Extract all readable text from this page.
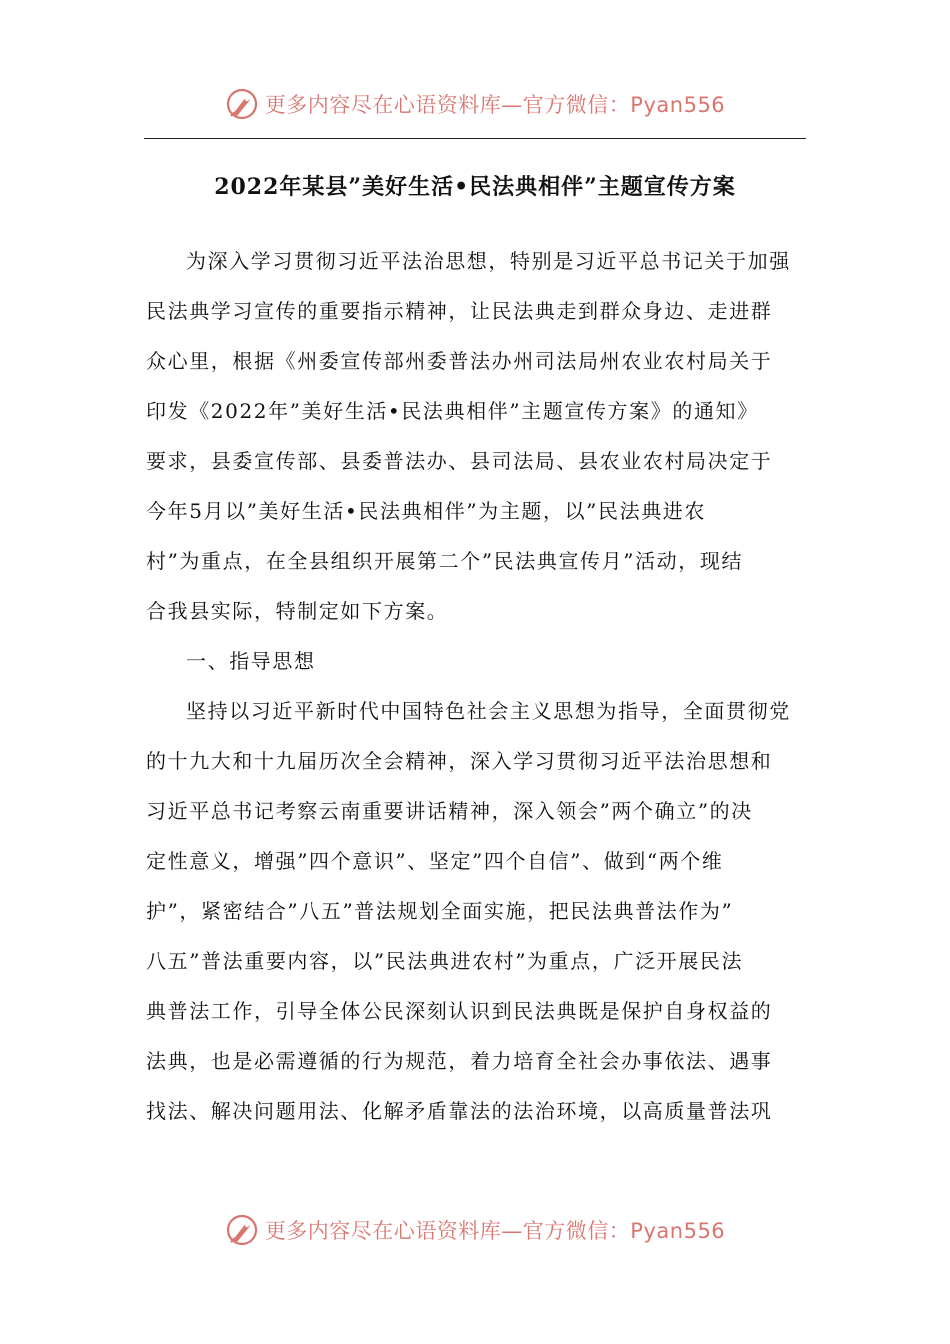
更多内容尽在心语资料库—官方微信：Pyan556
2022年某县”美好生活•民法典相伴”主题宣传方案
为深入学习贯彻习近平法治思想，特别是习近平总书记关于加强
民法典学习宣传的重要指示精神，让民法典走到群众身边、走进群
众心里，根据《州委宣传部州委普法办州司法局州农业农村局关于
印发《2022年”美好生活•民法典相伴”主题宣传方案》的通知》
要求，县委宣传部、县委普法办、县司法局、县农业农村局决定于
今年5月以”美好生活•民法典相伴”为主题，以”民法典进农
村”为重点，在全县组织开展第二个”民法典宣传月”活动，现结
合我县实际，特制定如下方案。
一、指导思想
坚持以习近平新时代中国特色社会主义思想为指导，全面贯彻党
的十九大和十九届历次全会精神，深入学习贯彻习近平法治思想和
习近平总书记考察云南重要讲话精神，深入领会”两个确立”的决
定性意义，增强”四个意识”、坚定”四个自信”、做到“两个维
护”，紧密结合”八五”普法规划全面实施，把民法典普法作为”
八五”普法重要内容，以”民法典进农村”为重点，广泛开展民法
典普法工作，引导全体公民深刻认识到民法典既是保护自身权益的
法典，也是必需遵循的行为规范，着力培育全社会办事依法、遇事
找法、解决问题用法、化解矛盾靠法的法治环境，以高质量普法巩
更多内容尽在心语资料库—官方微信：Pyan556
